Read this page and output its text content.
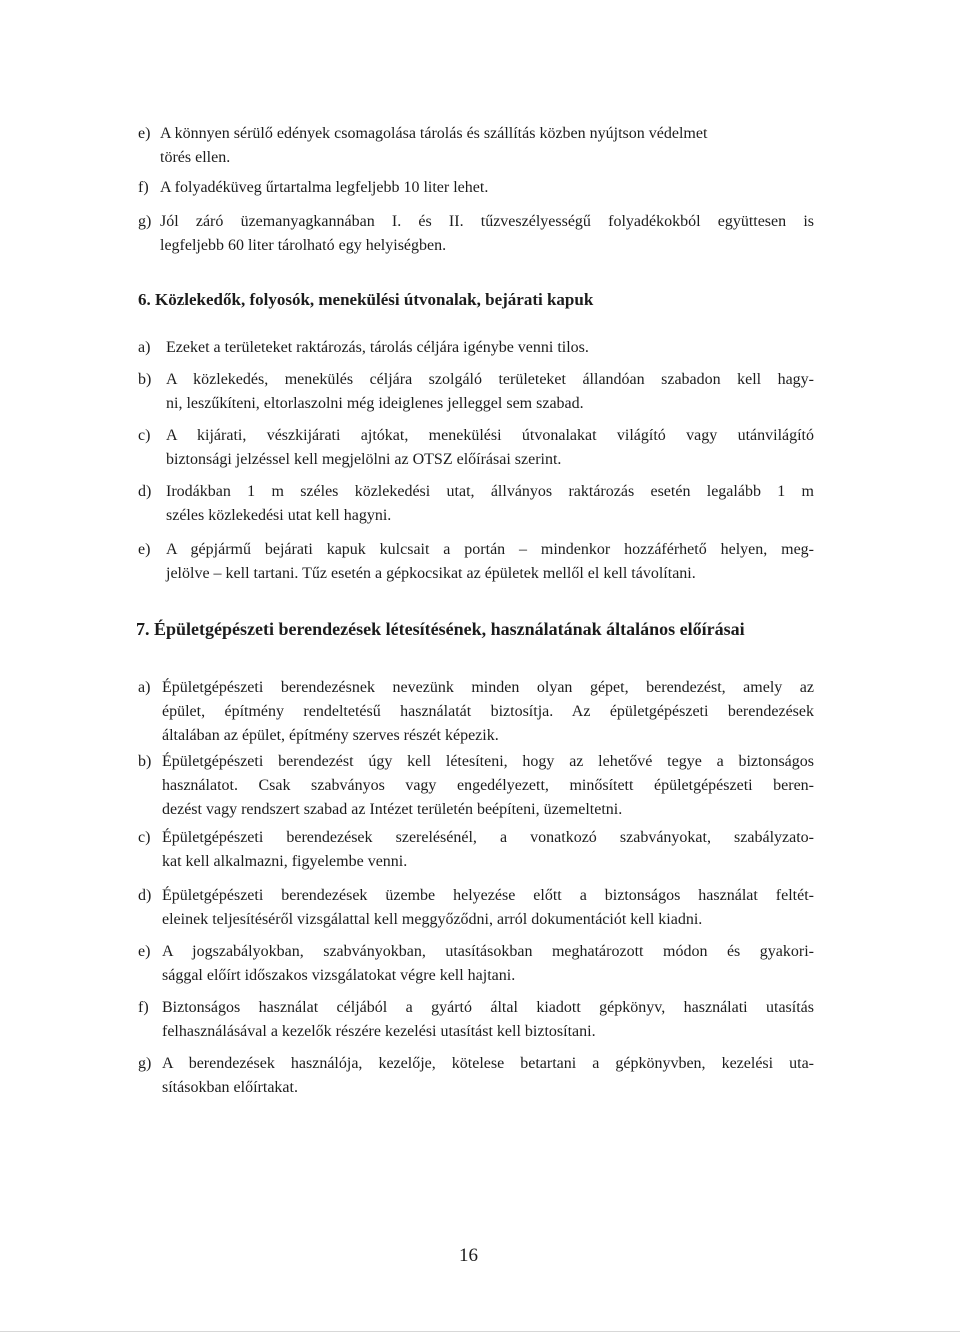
e) A könnyen sérülő edények csomagolása tárolás és szállítás közben nyújtson védelmet
törés ellen.
f) A folyadéküveg űrtartalma legfeljebb 10 liter lehet.
g) Jól záró üzemanyagkannában I. és II. tűzveszélyességű folyadékokból együttesen is
legfeljebb 60 liter tárolható egy helyiségben.
6. Közlekedők, folyosók, menekülési útvonalak, bejárati kapuk
a) Ezeket a területeket raktározás, tárolás céljára igénybe venni tilos.
b) A közlekedés, menekülés céljára szolgáló területeket állandóan szabadon kell hagy-
ni, leszűkíteni, eltorlaszolni még ideiglenes jelleggel sem szabad.
c) A kijárati, vészkijárati ajtókat, menekülési útvonalakat világító vagy utánvilágító
biztonsági jelzéssel kell megjelölni az OTSZ előírásai szerint.
d) Irodákban 1 m széles közlekedési utat, állványos raktározás esetén legalább 1 m
széles közlekedési utat kell hagyni.
e) A gépjármű bejárati kapuk kulcsait a portán – mindenkor hozzáférhető helyen, meg-
jelölve – kell tartani. Tűz esetén a gépkocsikat az épületek mellől el kell távolítani.
7. Épületgépészeti berendezések létesítésének, használatának általános előírásai
a) Épületgépészeti berendezésnek nevezünk minden olyan gépet, berendezést, amely az
épület, építmény rendeltetésű használatát biztosítja. Az épületgépészeti berendezések
általában az épület, építmény szerves részét képezik.
b) Épületgépészeti berendezést úgy kell létesíteni, hogy az lehetővé tegye a biztonságos
használatot. Csak szabványos vagy engedélyezett, minősített épületgépészeti beren-
dezést vagy rendszert szabad az Intézet területén beépíteni, üzemeltetni.
c) Épületgépészeti berendezések szerelésénél, a vonatkozó szabványokat, szabályzato-
kat kell alkalmazni, figyelembe venni.
d) Épületgépészeti berendezések üzembe helyezése előtt a biztonságos használat feltét-
eleinek teljesítéséről vizsgálattal kell meggyőződni, arról dokumentációt kell kiadni.
e) A jogszabályokban, szabványokban, utasításokban meghatározott módon és gyakori-
sággal előírt időszakos vizsgálatokat végre kell hajtani.
f) Biztonságos használat céljából a gyártó által kiadott gépkönyv, használati utasítás
felhasználásával a kezelők részére kezelési utasítást kell biztosítani.
g) A berendezések használója, kezelője, kötelese betartani a gépkönyvben, kezelési uta-
sításokban előírtakat.
16
